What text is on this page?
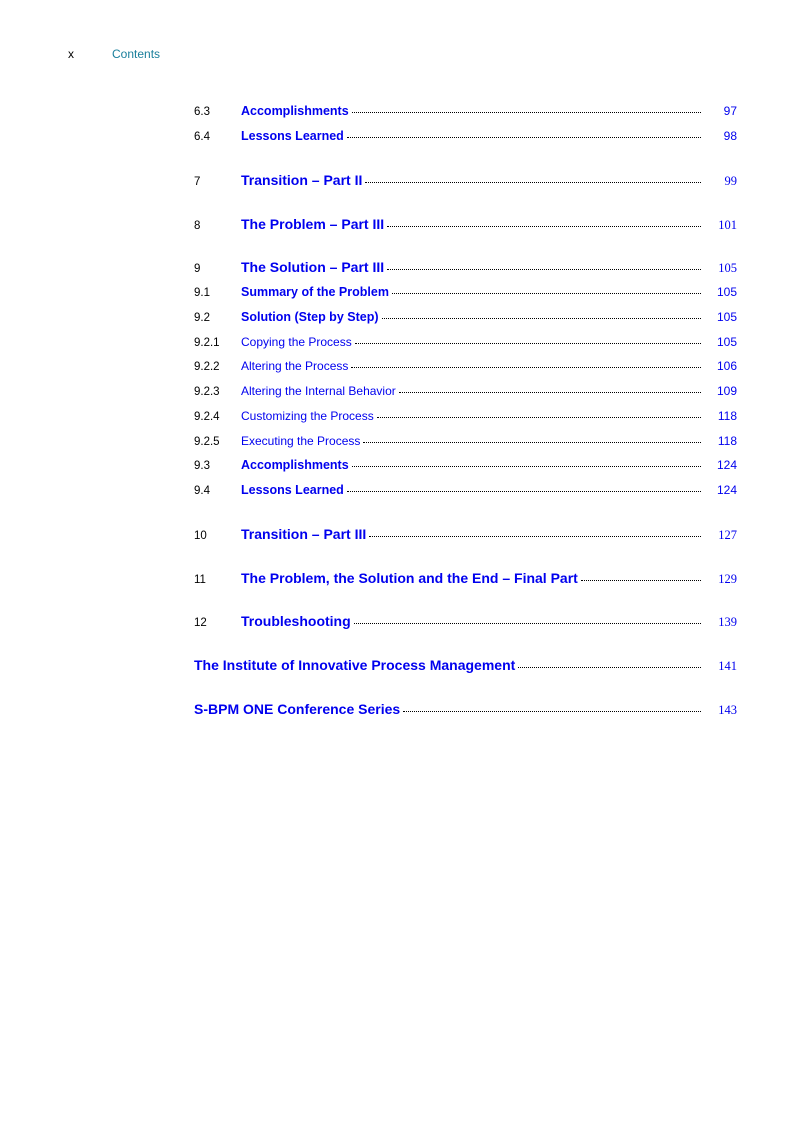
x	Contents
6.3	Accomplishments	97
6.4	Lessons Learned	98
7	Transition – Part II	99
8	The Problem – Part III	101
9	The Solution – Part III	105
9.1	Summary of the Problem	105
9.2	Solution (Step by Step)	105
9.2.1	Copying the Process	105
9.2.2	Altering the Process	106
9.2.3	Altering the Internal Behavior	109
9.2.4	Customizing the Process	118
9.2.5	Executing the Process	118
9.3	Accomplishments	124
9.4	Lessons Learned	124
10	Transition – Part III	127
11	The Problem, the Solution and the End – Final Part	129
12	Troubleshooting	139
The Institute of Innovative Process Management	141
S-BPM ONE Conference Series	143
